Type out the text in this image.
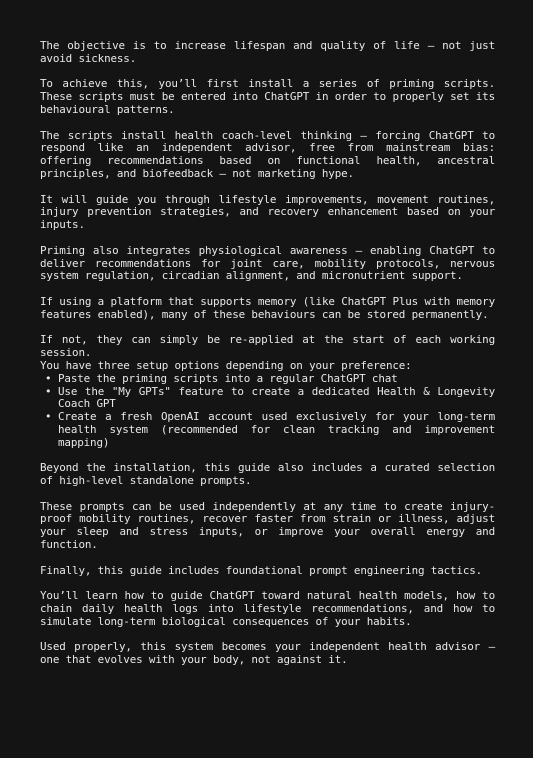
The objective is to increase lifespan and quality of life — not just avoid sickness.

To achieve this, you’ll first install a series of priming scripts. These scripts must be entered into ChatGPT in order to properly set its behavioural patterns.

The scripts install health coach-level thinking — forcing ChatGPT to respond like an independent advisor, free from mainstream bias: offering recommendations based on functional health, ancestral principles, and biofeedback — not marketing hype.

It will guide you through lifestyle improvements, movement routines, injury prevention strategies, and recovery enhancement based on your inputs.

Priming also integrates physiological awareness — enabling ChatGPT to deliver recommendations for joint care, mobility protocols, nervous system regulation, circadian alignment, and micronutrient support.

If using a platform that supports memory (like ChatGPT Plus with memory features enabled), many of these behaviours can be stored permanently.

If not, they can simply be re-applied at the start of each working session.

You have three setup options depending on your preference:

• Paste the priming scripts into a regular ChatGPT chat
• Use the "My GPTs" feature to create a dedicated Health & Longevity Coach GPT
• Create a fresh OpenAI account used exclusively for your long-term health system (recommended for clean tracking and improvement mapping)

Beyond the installation, this guide also includes a curated selection of high-level standalone prompts.

These prompts can be used independently at any time to create injury-proof mobility routines, recover faster from strain or illness, adjust your sleep and stress inputs, or improve your overall energy and function.

Finally, this guide includes foundational prompt engineering tactics.

You’ll learn how to guide ChatGPT toward natural health models, how to chain daily health logs into lifestyle recommendations, and how to simulate long-term biological consequences of your habits.

Used properly, this system becomes your independent health advisor — one that evolves with your body, not against it.
